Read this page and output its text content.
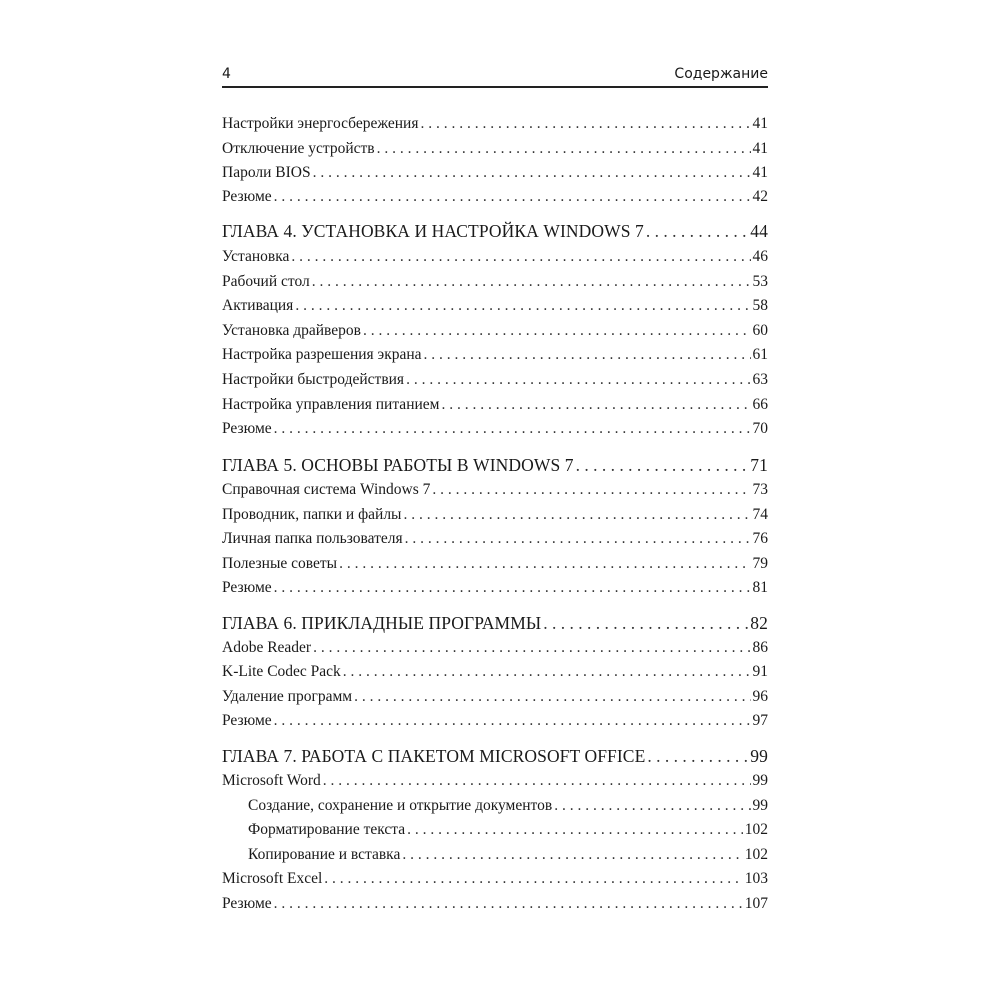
4	Содержание
Настройки энергосбережения . . .	41
Отключение устройств . . .	41
Пароли BIOS . . .	41
Резюме . . .	42
ГЛАВА 4. УСТАНОВКА И НАСТРОЙКА WINDOWS 7 . . .	44
Установка . . .	46
Рабочий стол . . .	53
Активация . . .	58
Установка драйверов . . .	60
Настройка разрешения экрана . . .	61
Настройки быстродействия . . .	63
Настройка управления питанием . . .	66
Резюме . . .	70
ГЛАВА 5. ОСНОВЫ РАБОТЫ В WINDOWS 7 . . .	71
Справочная система Windows 7 . . .	73
Проводник, папки и файлы . . .	74
Личная папка пользователя . . .	76
Полезные советы . . .	79
Резюме . . .	81
ГЛАВА 6. ПРИКЛАДНЫЕ ПРОГРАММЫ . . .	82
Adobe Reader . . .	86
K-Lite Codec Pack . . .	91
Удаление программ . . .	96
Резюме . . .	97
ГЛАВА 7. РАБОТА С ПАКЕТОМ MICROSOFT OFFICE . . .	99
Microsoft Word . . .	99
Создание, сохранение и открытие документов . . .	99
Форматирование текста . . .	102
Копирование и вставка . . .	102
Microsoft Excel . . .	103
Резюме . . .	107
